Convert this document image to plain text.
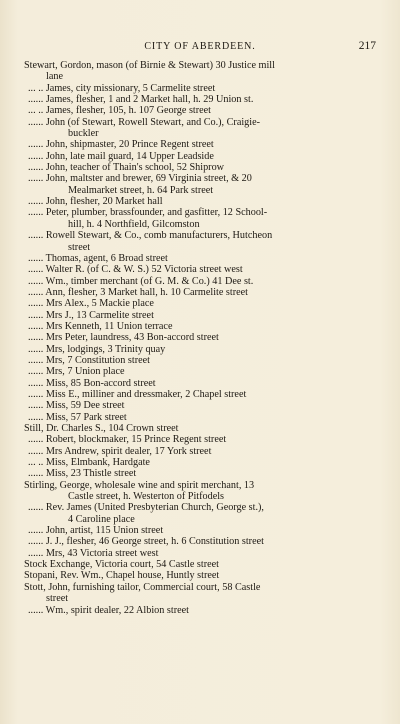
CITY OF ABERDEEN.	217
Stewart, Gordon, mason (of Birnie & Stewart) 30 Justice mill
lane
... .. James, city missionary, 5 Carmelite street
...... James, flesher, 1 and 2 Market hall, h. 29 Union st.
... .. James, flesher, 105, h. 107 George street
...... John (of Stewart, Rowell Stewart, and Co.), Craigie-
buckler
...... John, shipmaster, 20 Prince Regent street
...... John, late mail guard, 14 Upper Leadside
...... John, teacher of Thain's school, 52 Shiprow
...... John, maltster and brewer, 69 Virginia street, & 20
Mealmarket street, h. 64 Park street
...... John, flesher, 20 Market hall
...... Peter, plumber, brassfounder, and gasfitter, 12 School-
hill, h. 4 Northfield, Gilcomston
...... Rowell Stewart, & Co., comb manufacturers, Hutcheon
street
...... Thomas, agent, 6 Broad street
...... Walter R. (of C. & W. S.) 52 Victoria street west
...... Wm., timber merchant (of G. M. & Co.) 41 Dee st.
...... Ann, flesher, 3 Market hall, h. 10 Carmelite street
...... Mrs Alex., 5 Mackie place
...... Mrs J., 13 Carmelite street
...... Mrs Kenneth, 11 Union terrace
...... Mrs Peter, laundress, 43 Bon-accord street
...... Mrs, lodgings, 3 Trinity quay
...... Mrs, 7 Constitution street
...... Mrs, 7 Union place
...... Miss, 85 Bon-accord street
...... Miss E., milliner and dressmaker, 2 Chapel street
...... Miss, 59 Dee street
...... Miss, 57 Park street
Still, Dr. Charles S., 104 Crown street
...... Robert, blockmaker, 15 Prince Regent street
...... Mrs Andrew, spirit dealer, 17 York street
... .. Miss, Elmbank, Hardgate
...... Miss, 23 Thistle street
Stirling, George, wholesale wine and spirit merchant, 13
Castle street, h. Westerton of Pitfodels
...... Rev. James (United Presbyterian Church, George st.),
4 Caroline place
...... John, artist, 115 Union street
...... J. J., flesher, 46 George street, h. 6 Constitution street
...... Mrs, 43 Victoria street west
Stock Exchange, Victoria court, 54 Castle street
Stopani, Rev. Wm., Chapel house, Huntly street
Stott, John, furnishing tailor, Commercial court, 58 Castle
street
...... Wm., spirit dealer, 22 Albion street
